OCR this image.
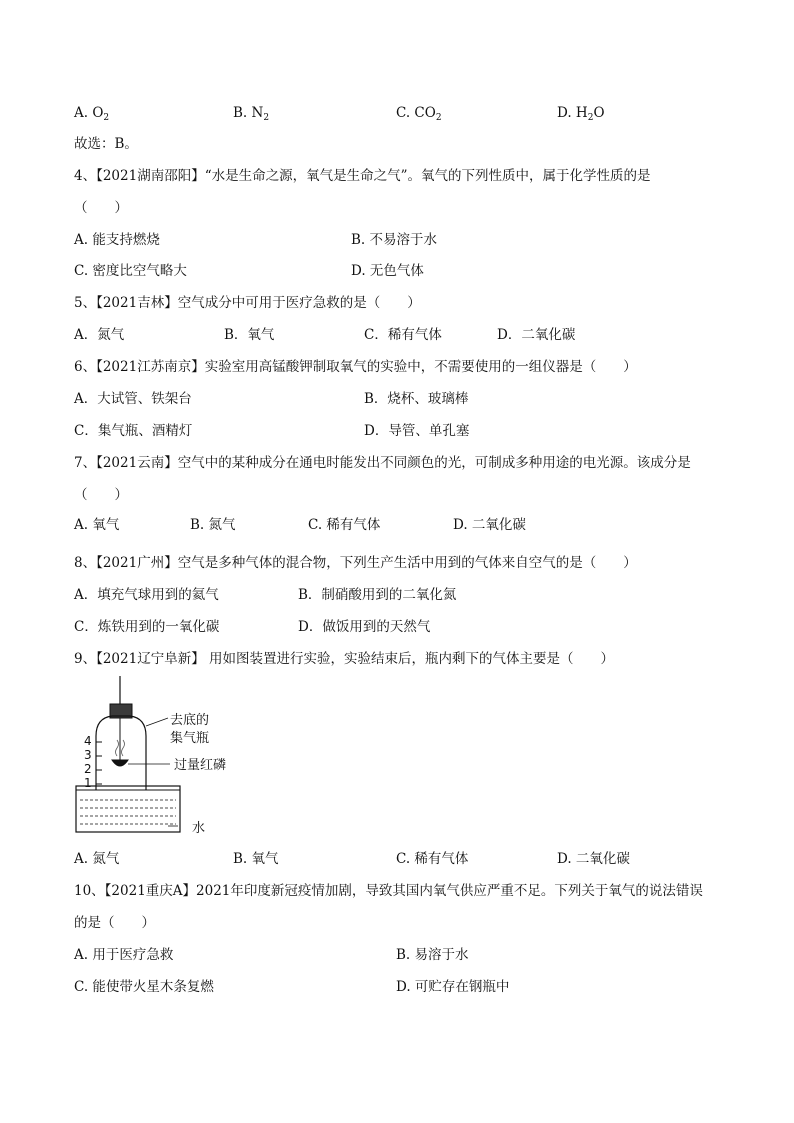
A. $O_2$	B. $N_2$	C. $CO_2$	D. $H_2O$
故选：B。
4、【2021湖南邵阳】“水是生命之源，氧气是生命之气”。氧气的下列性质中，属于化学性质的是
（　　）
A. 能支持燃烧	B. 不易溶于水
C. 密度比空气略大	D. 无色气体
5、【2021吉林】空气成分中可用于医疗急救的是（　　）
A．氮气	B．氧气	C．稀有气体	D．二氧化碳
6、【2021江苏南京】实验室用高锰酸钾制取氧气的实验中，不需要使用的一组仪器是（　　）
A．大试管、铁架台	B．烧杯、玻璃棒
C．集气瓶、酒精灯	D．导管、单孔塞
7、【2021云南】空气中的某种成分在通电时能发出不同颜色的光，可制成多种用途的电光源。该成分是
（　　）
A. 氧气	B. 氮气	C. 稀有气体	D. 二氧化碳
8、【2021广州】空气是多种气体的混合物，下列生产生活中用到的气体来自空气的是（　　）
A．填充气球用到的氦气	B．制硝酸用到的二氧化氮
C．炼铁用到的一氧化碳	D．做饭用到的天然气
9、【2021辽宁阜新】 用如图装置进行实验，实验结束后，瓶内剩下的气体主要是（　　）
4
3
2
1
去底的
集气瓶
过量红磷
水
A. 氮气	B. 氧气	C. 稀有气体	D. 二氧化碳
10、【2021重庆A】2021年印度新冠疫情加剧，导致其国内氧气供应严重不足。下列关于氧气的说法错误
的是（　　）
A. 用于医疗急救	B. 易溶于水
C. 能使带火星木条复燃	D. 可贮存在钢瓶中
